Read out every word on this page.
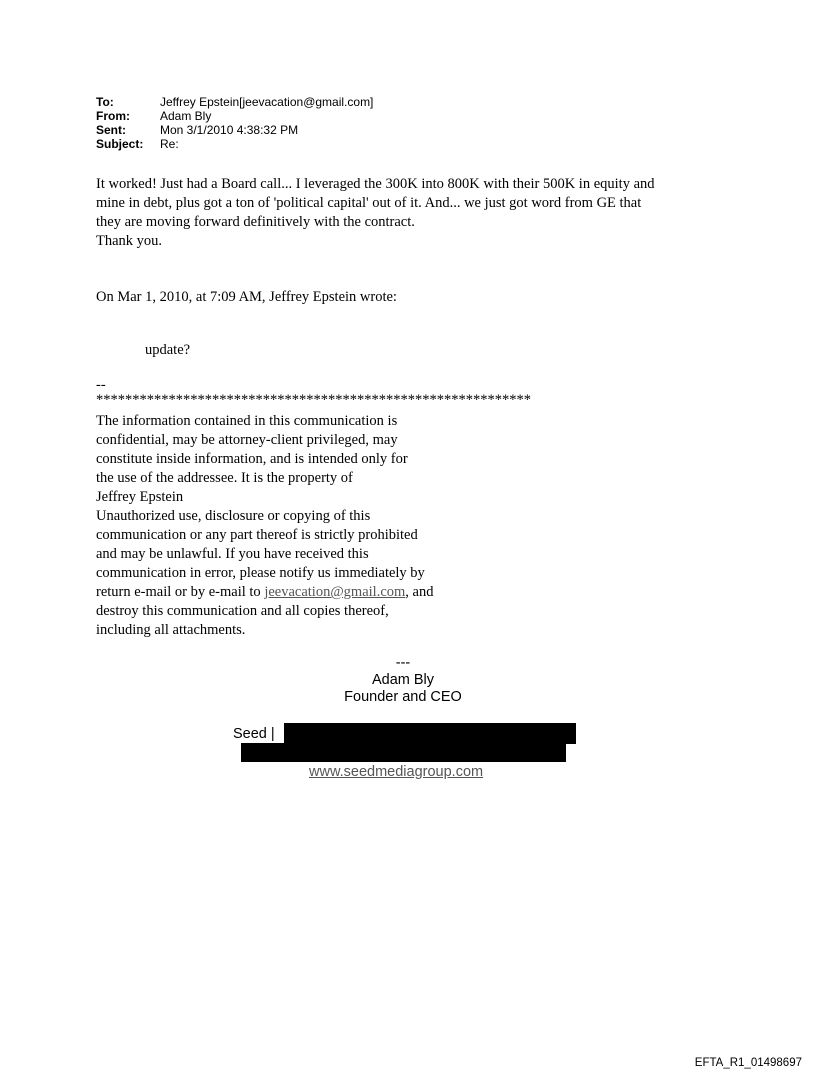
To:	Jeffrey Epstein[jeevacation@gmail.com]
From:	Adam Bly
Sent:	Mon 3/1/2010 4:38:32 PM
Subject:	Re:
It worked! Just had a Board call... I leveraged the 300K into 800K with their 500K in equity and
mine in debt, plus got a ton of 'political capital' out of it. And... we just got word from GE that
they are moving forward definitively with the contract.
Thank you.
On Mar 1, 2010, at 7:09 AM, Jeffrey Epstein wrote:
update?
--
************************************************************

The information contained in this communication is

confidential, may be attorney-client privileged, may

constitute inside information, and is intended only for

the use of the addressee. It is the property of

Jeffrey Epstein

Unauthorized use, disclosure or copying of this

communication or any part thereof is strictly prohibited

and may be unlawful. If you have received this

communication in error, please notify us immediately by

return e-mail or by e-mail to jeevacation@gmail.com, and

destroy this communication and all copies thereof,

including all attachments.

---
Adam Bly
Founder and CEO
Seed |
www.seedmediagroup.com
EFTA_R1_01498697
